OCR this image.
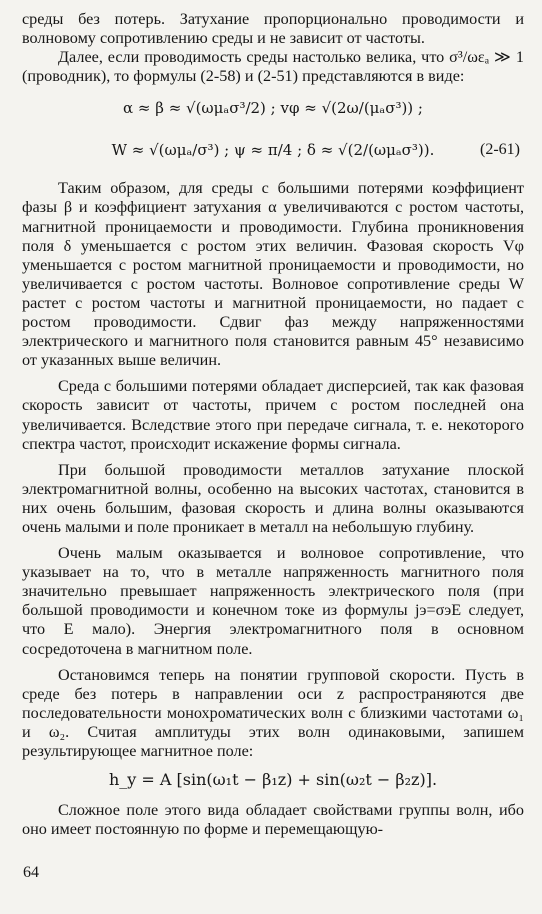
среды без потерь. Затухание пропорционально проводимости и волновому сопротивлению среды и не зависит от частоты.

Далее, если проводимость среды настолько велика, что σ³/ωεₐ ≫ 1 (проводник), то формулы (2-58) и (2-51) представляются в виде:

α ≈ β ≈ √(ωμₐσ³/2) ; vφ ≈ √(2ω/(μₐσ³)) ;
W ≈ √(ωμₐ/σ³) ; ψ ≈ π/4 ; δ ≈ √(2/(ωμₐσ³)).	(2-61)

Таким образом, для среды с большими потерями коэффициент фазы β и коэффициент затухания α увеличиваются с ростом частоты, магнитной проницаемости и проводимости. Глубина проникновения поля δ уменьшается с ростом этих величин. Фазовая скорость Vφ уменьшается с ростом магнитной проницаемости и проводимости, но увеличивается с ростом частоты. Волновое сопротивление среды W растет с ростом частоты и магнитной проницаемости, но падает с ростом проводимости. Сдвиг фаз между напряженностями электрического и магнитного поля становится равным 45° независимо от указанных выше величин.

Среда с большими потерями обладает дисперсией, так как фазовая скорость зависит от частоты, причем с ростом последней она увеличивается. Вследствие этого при передаче сигнала, т. е. некоторого спектра частот, происходит искажение формы сигнала.

При большой проводимости металлов затухание плоской электромагнитной волны, особенно на высоких частотах, становится в них очень большим, фазовая скорость и длина волны оказываются очень малыми и поле проникает в металл на небольшую глубину.

Очень малым оказывается и волновое сопротивление, что указывает на то, что в металле напряженность магнитного поля значительно превышает напряженность электрического поля (при большой проводимости и конечном токе из формулы jэ=σэE следует, что E мало). Энергия электромагнитного поля в основном сосредоточена в магнитном поле.

Остановимся теперь на понятии групповой скорости. Пусть в среде без потерь в направлении оси z распространяются две последовательности монохроматических волн с близкими частотами ω₁ и ω₂. Считая амплитуды этих волн одинаковыми, запишем результирующее магнитное поле:

h_y = A [sin(ω₁t − β₁z) + sin(ω₂t − β₂z)].

Сложное поле этого вида обладает свойствами группы волн, ибо оно имеет постоянную по форме и перемещающую-

64
